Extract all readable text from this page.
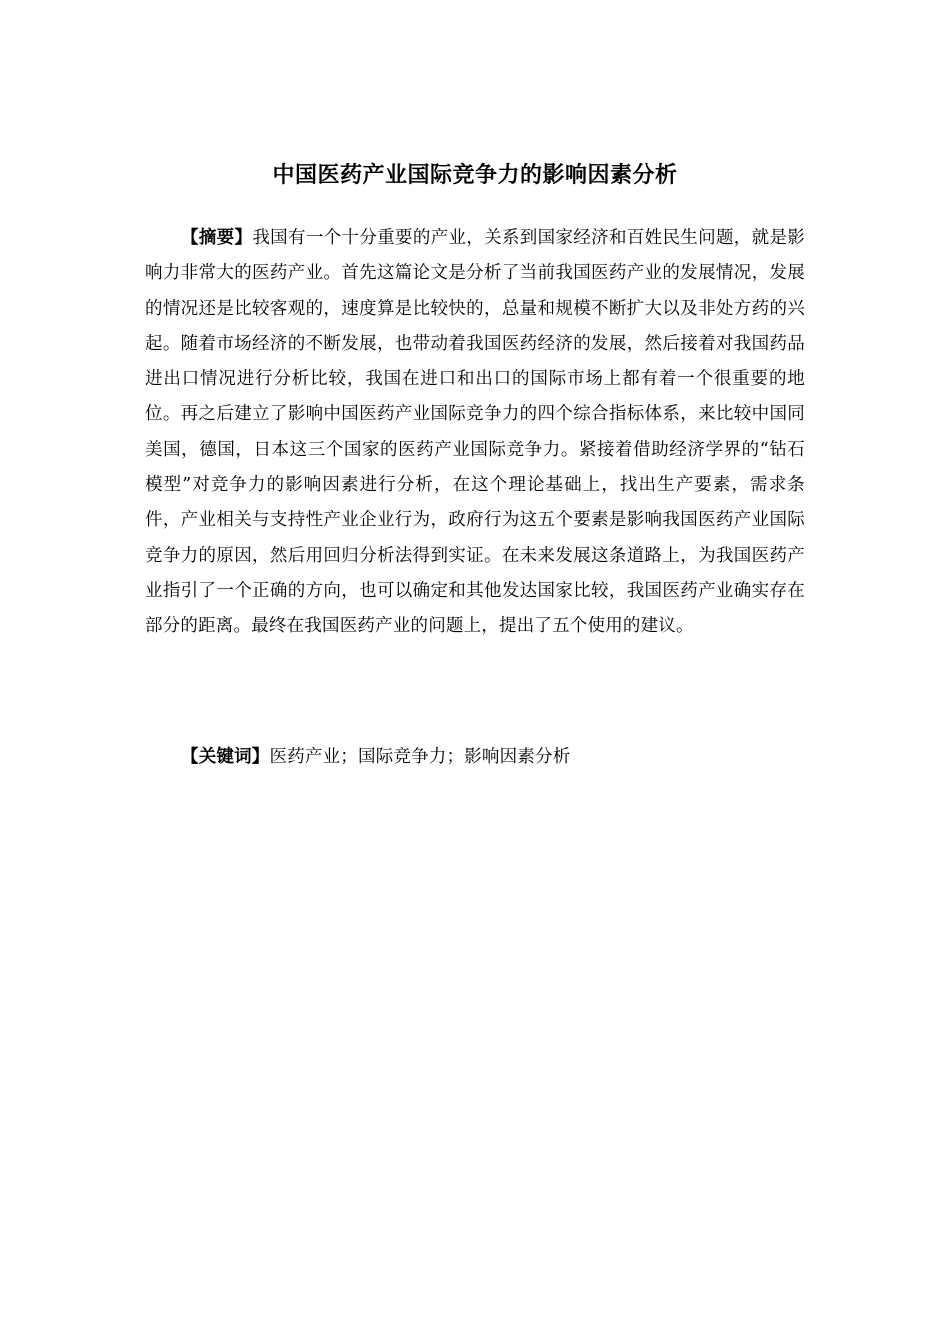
中国医药产业国际竞争力的影响因素分析

【摘要】我国有一个十分重要的产业，关系到国家经济和百姓民生问题，就是影响力非常大的医药产业。首先这篇论文是分析了当前我国医药产业的发展情况，发展的情况还是比较客观的，速度算是比较快的，总量和规模不断扩大以及非处方药的兴起。随着市场经济的不断发展，也带动着我国医药经济的发展，然后接着对我国药品进出口情况进行分析比较，我国在进口和出口的国际市场上都有着一个很重要的地位。再之后建立了影响中国医药产业国际竞争力的四个综合指标体系，来比较中国同美国，德国，日本这三个国家的医药产业国际竞争力。紧接着借助经济学界的“钻石模型”对竞争力的影响因素进行分析，在这个理论基础上，找出生产要素，需求条件，产业相关与支持性产业企业行为，政府行为这五个要素是影响我国医药产业国际竞争力的原因，然后用回归分析法得到实证。在未来发展这条道路上，为我国医药产业指引了一个正确的方向，也可以确定和其他发达国家比较，我国医药产业确实存在部分的距离。最终在我国医药产业的问题上，提出了五个使用的建议。

【关键词】医药产业；国际竞争力；影响因素分析
